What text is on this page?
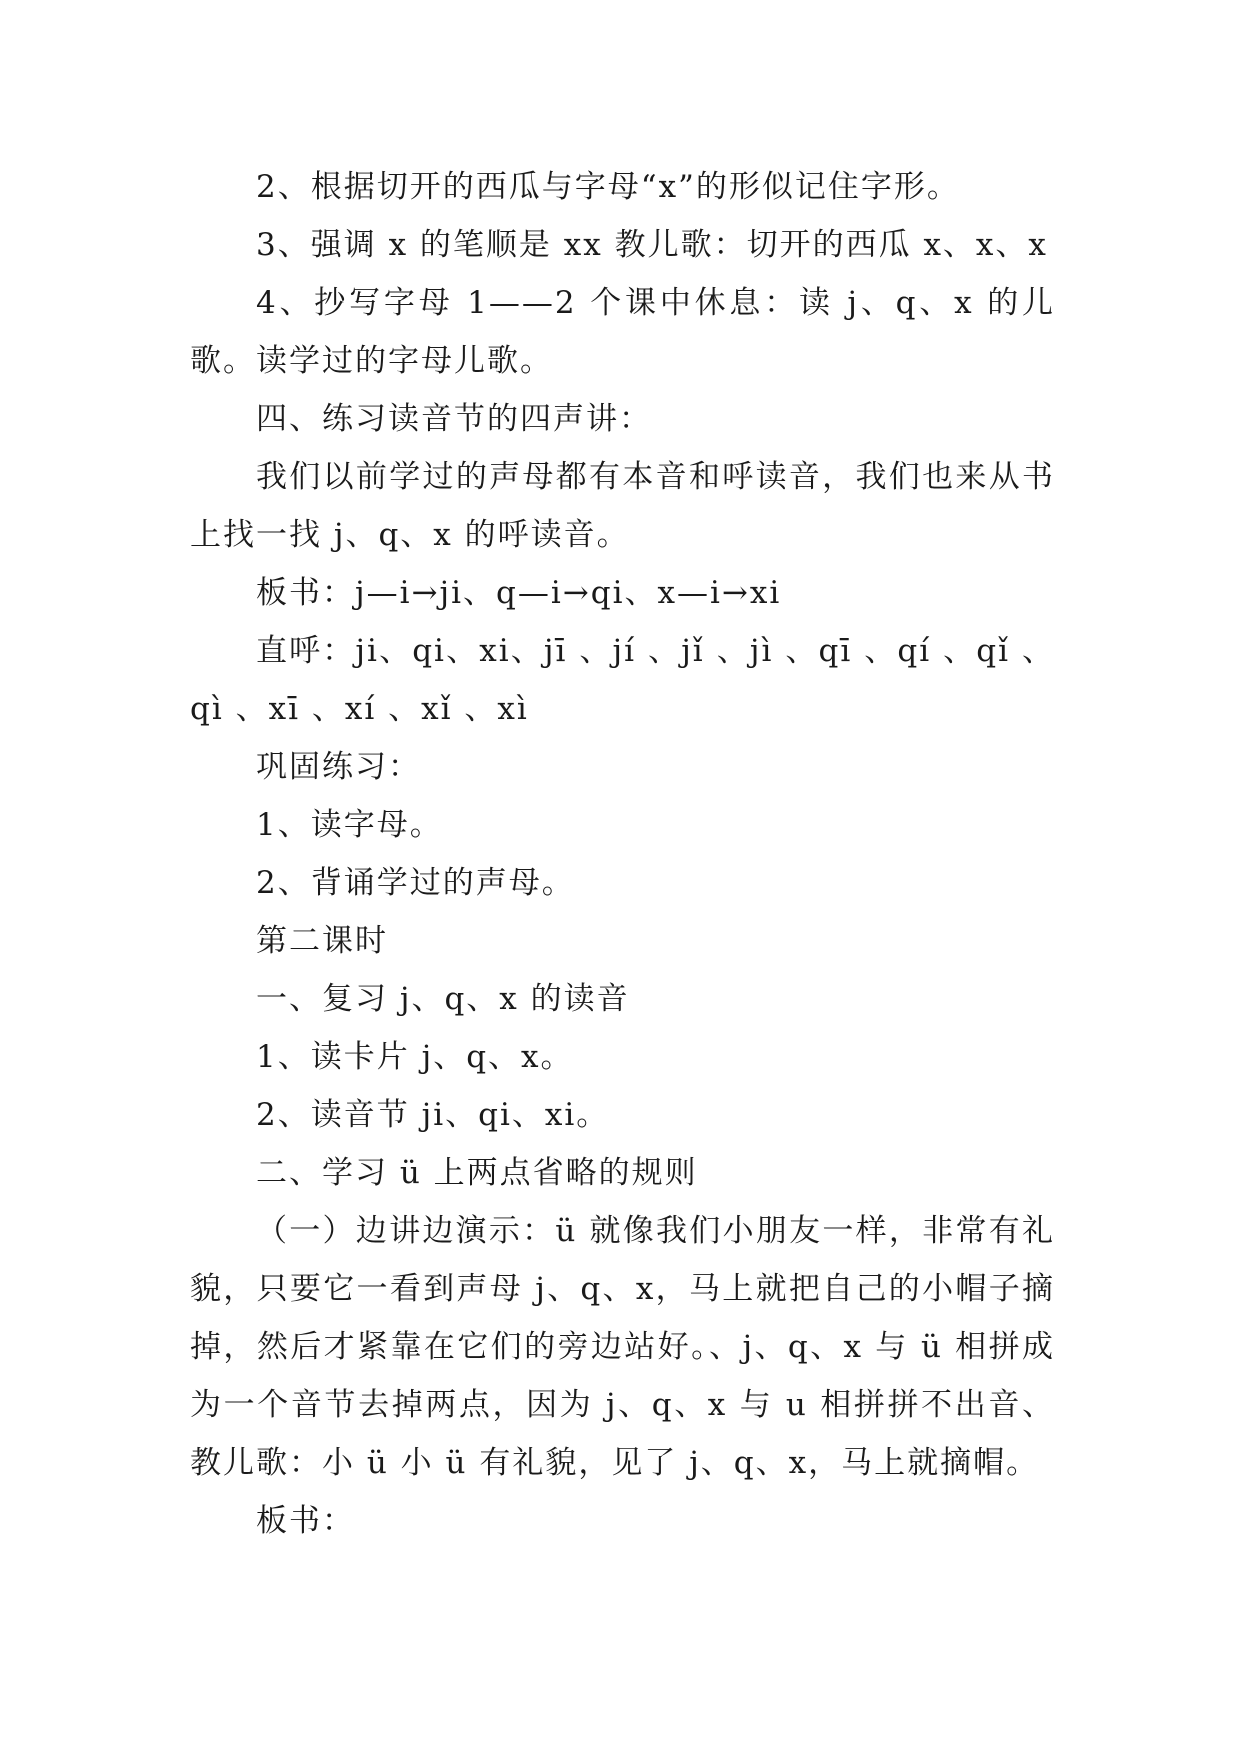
2、根据切开的西瓜与字母“x”的形似记住字形。

3、强调 x 的笔顺是 xx 教儿歌：切开的西瓜 x、x、x

4、抄写字母 1——2 个课中休息：读 j、q、x 的儿歌。读学过的字母儿歌。

四、练习读音节的四声讲：

我们以前学过的声母都有本音和呼读音，我们也来从书上找一找 j、q、x 的呼读音。

板书：j—i→ji、q—i→qi、x—i→xi

直呼：ji、qi、xi、jī 、jí 、jǐ 、jì 、qī 、qí 、qǐ 、qì 、xī 、xí 、xǐ 、xì

巩固练习：

1、读字母。

2、背诵学过的声母。

第二课时

一、复习 j、q、x 的读音

1、读卡片 j、q、x。

2、读音节 ji、qi、xi。

二、学习 ü 上两点省略的规则

（一）边讲边演示：ü 就像我们小朋友一样，非常有礼貌，只要它一看到声母 j、q、x，马上就把自己的小帽子摘掉，然后才紧靠在它们的旁边站好。、j、q、x 与 ü 相拼成为一个音节去掉两点，因为 j、q、x 与 u 相拼拼不出音、教儿歌：小 ü 小 ü 有礼貌，见了 j、q、x，马上就摘帽。

板书：
